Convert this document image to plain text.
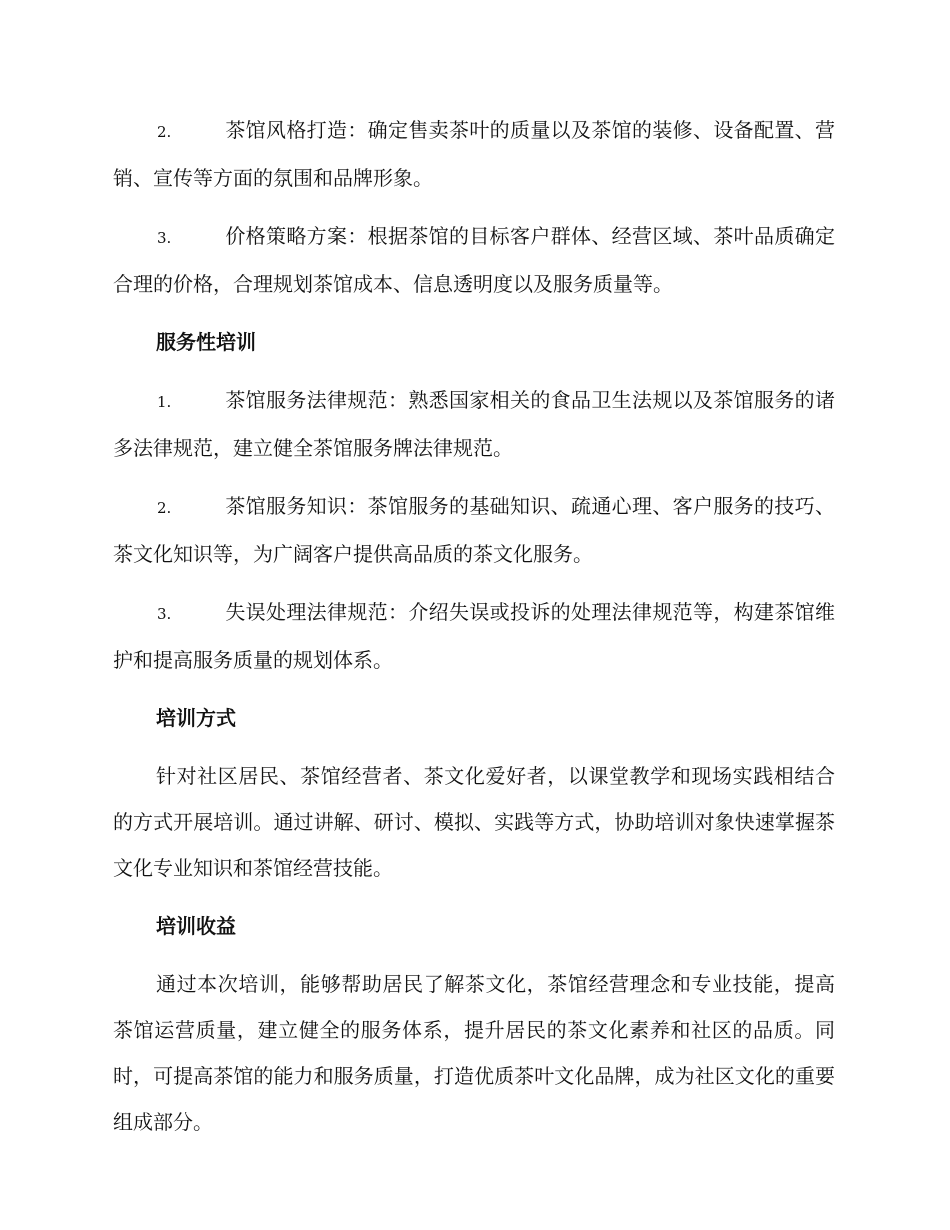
2.	茶馆风格打造：确定售卖茶叶的质量以及茶馆的装修、设备配置、营销、宣传等方面的氛围和品牌形象。

3.	价格策略方案：根据茶馆的目标客户群体、经营区域、茶叶品质确定合理的价格，合理规划茶馆成本、信息透明度以及服务质量等。

服务性培训

1.	茶馆服务法律规范：熟悉国家相关的食品卫生法规以及茶馆服务的诸多法律规范，建立健全茶馆服务牌法律规范。

2.	茶馆服务知识：茶馆服务的基础知识、疏通心理、客户服务的技巧、茶文化知识等，为广阔客户提供高品质的茶文化服务。

3.	失误处理法律规范：介绍失误或投诉的处理法律规范等，构建茶馆维护和提高服务质量的规划体系。

培训方式

针对社区居民、茶馆经营者、茶文化爱好者，以课堂教学和现场实践相结合的方式开展培训。通过讲解、研讨、模拟、实践等方式，协助培训对象快速掌握茶文化专业知识和茶馆经营技能。

培训收益

通过本次培训，能够帮助居民了解茶文化，茶馆经营理念和专业技能，提高茶馆运营质量，建立健全的服务体系，提升居民的茶文化素养和社区的品质。同时，可提高茶馆的能力和服务质量，打造优质茶叶文化品牌，成为社区文化的重要组成部分。
